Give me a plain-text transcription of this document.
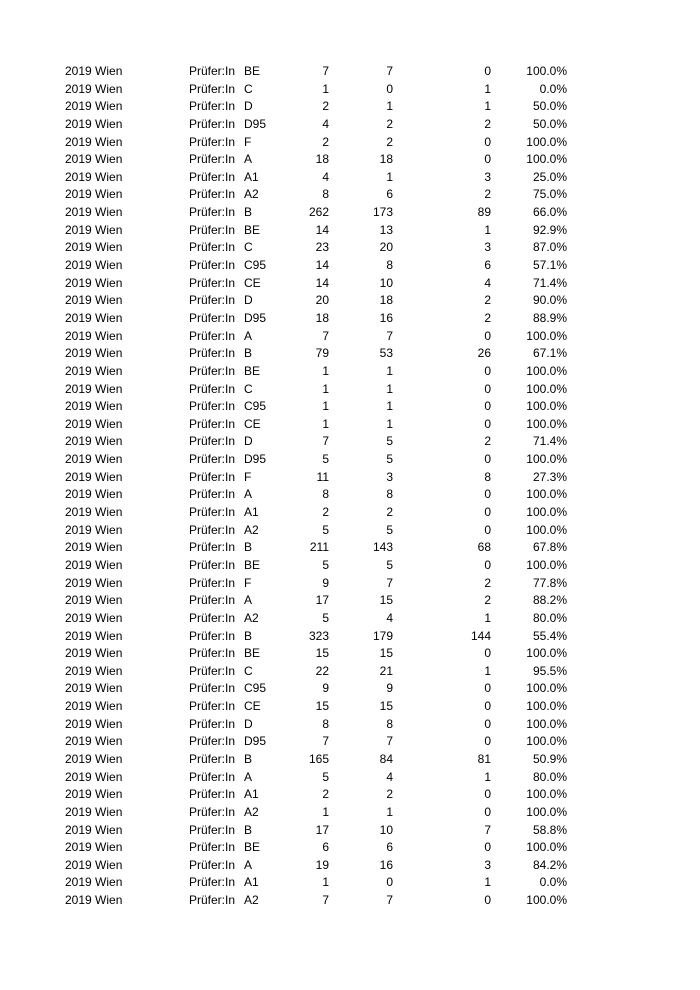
2019 Wien	Prüfer:In BE	7	7	0	100.0%
2019 Wien	Prüfer:In C	1	0	1	0.0%
2019 Wien	Prüfer:In D	2	1	1	50.0%
2019 Wien	Prüfer:In D95	4	2	2	50.0%
2019 Wien	Prüfer:In F	2	2	0	100.0%
2019 Wien	Prüfer:In A	18	18	0	100.0%
2019 Wien	Prüfer:In A1	4	1	3	25.0%
2019 Wien	Prüfer:In A2	8	6	2	75.0%
2019 Wien	Prüfer:In B	262	173	89	66.0%
2019 Wien	Prüfer:In BE	14	13	1	92.9%
2019 Wien	Prüfer:In C	23	20	3	87.0%
2019 Wien	Prüfer:In C95	14	8	6	57.1%
2019 Wien	Prüfer:In CE	14	10	4	71.4%
2019 Wien	Prüfer:In D	20	18	2	90.0%
2019 Wien	Prüfer:In D95	18	16	2	88.9%
2019 Wien	Prüfer:In A	7	7	0	100.0%
2019 Wien	Prüfer:In B	79	53	26	67.1%
2019 Wien	Prüfer:In BE	1	1	0	100.0%
2019 Wien	Prüfer:In C	1	1	0	100.0%
2019 Wien	Prüfer:In C95	1	1	0	100.0%
2019 Wien	Prüfer:In CE	1	1	0	100.0%
2019 Wien	Prüfer:In D	7	5	2	71.4%
2019 Wien	Prüfer:In D95	5	5	0	100.0%
2019 Wien	Prüfer:In F	11	3	8	27.3%
2019 Wien	Prüfer:In A	8	8	0	100.0%
2019 Wien	Prüfer:In A1	2	2	0	100.0%
2019 Wien	Prüfer:In A2	5	5	0	100.0%
2019 Wien	Prüfer:In B	211	143	68	67.8%
2019 Wien	Prüfer:In BE	5	5	0	100.0%
2019 Wien	Prüfer:In F	9	7	2	77.8%
2019 Wien	Prüfer:In A	17	15	2	88.2%
2019 Wien	Prüfer:In A2	5	4	1	80.0%
2019 Wien	Prüfer:In B	323	179	144	55.4%
2019 Wien	Prüfer:In BE	15	15	0	100.0%
2019 Wien	Prüfer:In C	22	21	1	95.5%
2019 Wien	Prüfer:In C95	9	9	0	100.0%
2019 Wien	Prüfer:In CE	15	15	0	100.0%
2019 Wien	Prüfer:In D	8	8	0	100.0%
2019 Wien	Prüfer:In D95	7	7	0	100.0%
2019 Wien	Prüfer:In B	165	84	81	50.9%
2019 Wien	Prüfer:In A	5	4	1	80.0%
2019 Wien	Prüfer:In A1	2	2	0	100.0%
2019 Wien	Prüfer:In A2	1	1	0	100.0%
2019 Wien	Prüfer:In B	17	10	7	58.8%
2019 Wien	Prüfer:In BE	6	6	0	100.0%
2019 Wien	Prüfer:In A	19	16	3	84.2%
2019 Wien	Prüfer:In A1	1	0	1	0.0%
2019 Wien	Prüfer:In A2	7	7	0	100.0%
